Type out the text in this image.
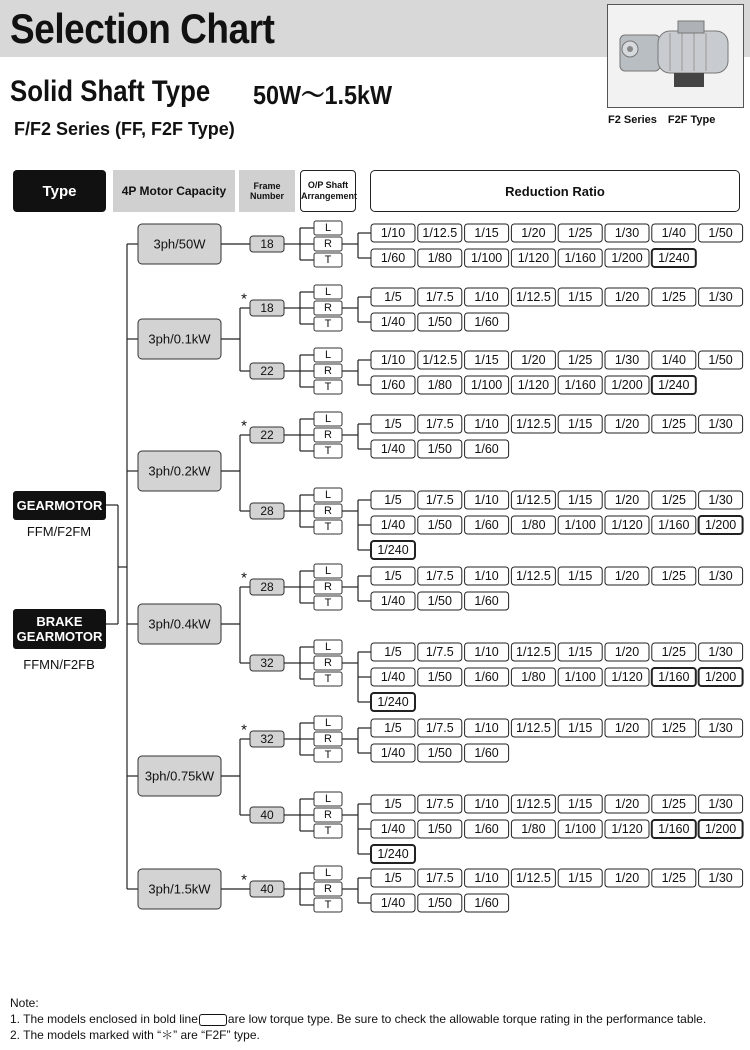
Selection Chart
Solid Shaft Type 50W〜1.5kW
F/F2 Series (FF, F2F Type)	F2 Series　F2F Type
Type	4P Motor Capacity	Frame Number
O/P Shaft
Arrangement	Reduction Ratio
GEARMOTOR
FFM/F2FM
BRAKE
GEARMOTOR
FFMN/F2FB
3ph/50W	18
L
R
T
1/10 1/12.5 1/15 1/20 1/25 1/30 1/40 1/50
1/60 1/80 1/100 1/120 1/160 1/200 1/240
3ph/0.1kW
*
18
L
R
T
1/5 1/7.5 1/10 1/12.5 1/15 1/20 1/25 1/30
1/40 1/50 1/60
22
L
R
T
1/10 1/12.5 1/15 1/20 1/25 1/30 1/40 1/50
1/60 1/80 1/100 1/120 1/160 1/200 1/240
3ph/0.2kW
*
22
L
R
T
1/5 1/7.5 1/10 1/12.5 1/15 1/20 1/25 1/30
1/40 1/50 1/60
28
L
R
T
1/5 1/7.5 1/10 1/12.5 1/15 1/20 1/25 1/30
1/40 1/50 1/60 1/80 1/100 1/120 1/160 1/200
1/240
3ph/0.4kW
*
28
L
R
T
1/5 1/7.5 1/10 1/12.5 1/15 1/20 1/25 1/30
1/40 1/50 1/60
32
L
R
T
1/5 1/7.5 1/10 1/12.5 1/15 1/20 1/25 1/30
1/40 1/50 1/60 1/80 1/100 1/120 1/160 1/200
1/240
3ph/0.75kW
*
32
L
R
T
1/5 1/7.5 1/10 1/12.5 1/15 1/20 1/25 1/30
1/40 1/50 1/60
40
L
R
T
1/5 1/7.5 1/10 1/12.5 1/15 1/20 1/25 1/30
1/40 1/50 1/60 1/80 1/100 1/120 1/160 1/200
1/240
3ph/1.5kW
*
40
L
R
T
1/5 1/7.5 1/10 1/12.5 1/15 1/20 1/25 1/30
1/40 1/50 1/60
Note:
1. The models enclosed in bold line	are low torque type. Be sure to check the allowable torque rating in the performance table.
2. The models marked with “＊” are “F2F” type.
